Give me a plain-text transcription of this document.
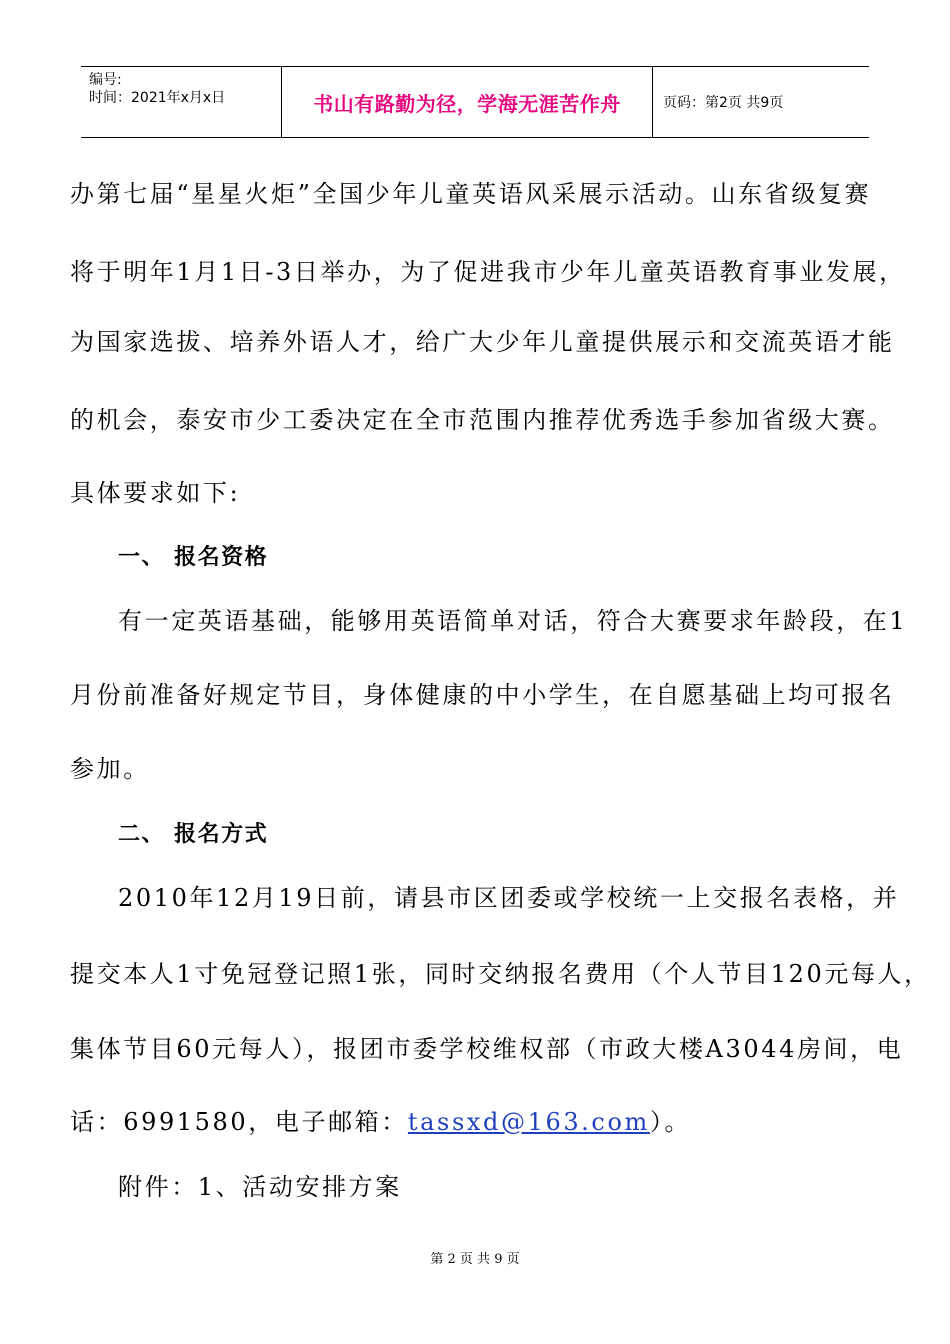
编号:
时间：2021年x月x日	书山有路勤为径，学海无涯苦作舟	页码：第2页 共9页
办第七届“星星火炬”全国少年儿童英语风采展示活动。山东省级复赛
将于明年1月1日-3日举办，为了促进我市少年儿童英语教育事业发展，
为国家选拔、培养外语人才，给广大少年儿童提供展示和交流英语才能
的机会，泰安市少工委决定在全市范围内推荐优秀选手参加省级大赛。
具体要求如下:
一、 报名资格
有一定英语基础，能够用英语简单对话，符合大赛要求年龄段，在1
月份前准备好规定节目，身体健康的中小学生，在自愿基础上均可报名
参加。
二、 报名方式
2010年12月19日前，请县市区团委或学校统一上交报名表格，并
提交本人1寸免冠登记照1张，同时交纳报名费用（个人节目120元每人，
集体节目60元每人），报团市委学校维权部（市政大楼A3044房间，电
话：6991580，电子邮箱：tassxd@163.com）。
附件：1、活动安排方案
第 2 页 共 9 页
